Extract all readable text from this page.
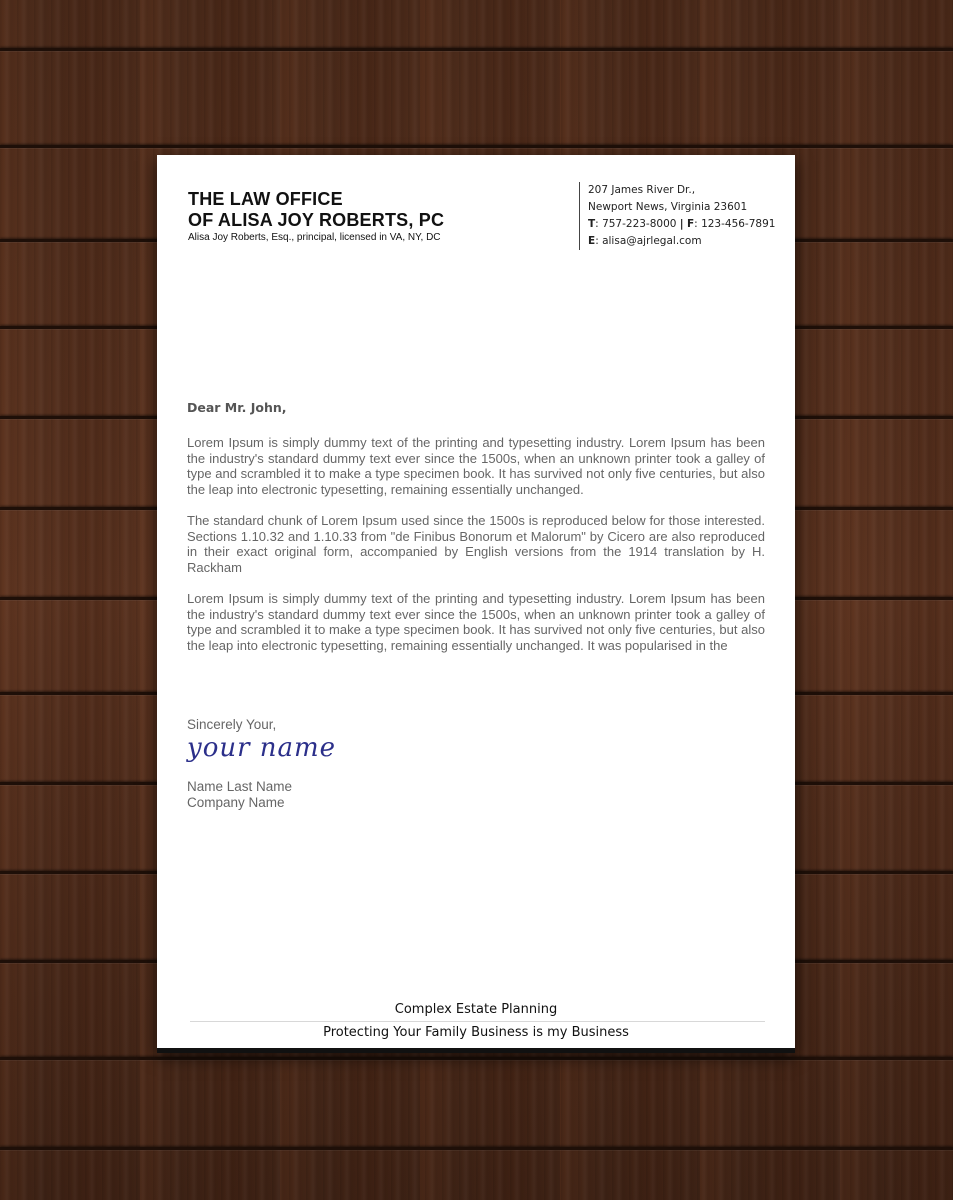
THE LAW OFFICE
OF ALISA JOY ROBERTS, PC
Alisa Joy Roberts, Esq., principal, licensed in VA, NY, DC
207 James River Dr.,
Newport News, Virginia 23601
T: 757-223-8000 | F: 123-456-7891
E: alisa@ajrlegal.com
Dear Mr. John,
Lorem Ipsum is simply dummy text of the printing and typesetting industry. Lorem Ipsum has been the industry's standard dummy text ever since the 1500s, when an unknown printer took a galley of type and scrambled it to make a type specimen book. It has survived not only five centuries, but also the leap into electronic typesetting, remaining essentially unchanged.
The standard chunk of Lorem Ipsum used since the 1500s is reproduced below for those interested. Sections 1.10.32 and 1.10.33 from "de Finibus Bonorum et Malorum" by Cicero are also reproduced in their exact original form, accompanied by English versions from the 1914 translation by H. Rackham
Lorem Ipsum is simply dummy text of the printing and typesetting industry. Lorem Ipsum has been the industry's standard dummy text ever since the 1500s, when an unknown printer took a galley of type and scrambled it to make a type specimen book. It has survived not only five centuries, but also the leap into electronic typesetting, remaining essentially unchanged. It was popularised in the
Sincerely Your,
your name
Name Last Name
Company Name
Complex Estate Planning
Protecting Your Family Business is my Business
